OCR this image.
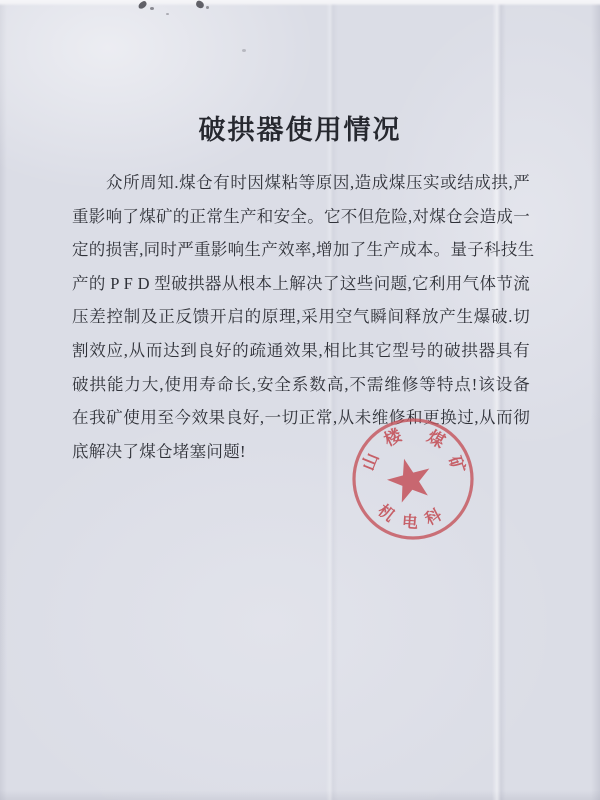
破拱器使用情况

众所周知.煤仓有时因煤粘等原因,造成煤压实或结成拱,严

重影响了煤矿的正常生产和安全。它不但危险,对煤仓会造成一

定的损害,同时严重影响生产效率,增加了生产成本。量子科技生

产的 P F D 型破拱器从根本上解决了这些问题,它利用气体节流

压差控制及正反馈开启的原理,采用空气瞬间释放产生爆破.切

割效应,从而达到良好的疏通效果,相比其它型号的破拱器具有

破拱能力大,使用寿命长,安全系数高,不需维修等特点!该设备

在我矿使用至今效果良好,一切正常,从未维修和更换过,从而彻

底解决了煤仓堵塞问题!	山
楼 煤
矿
机 电 科
